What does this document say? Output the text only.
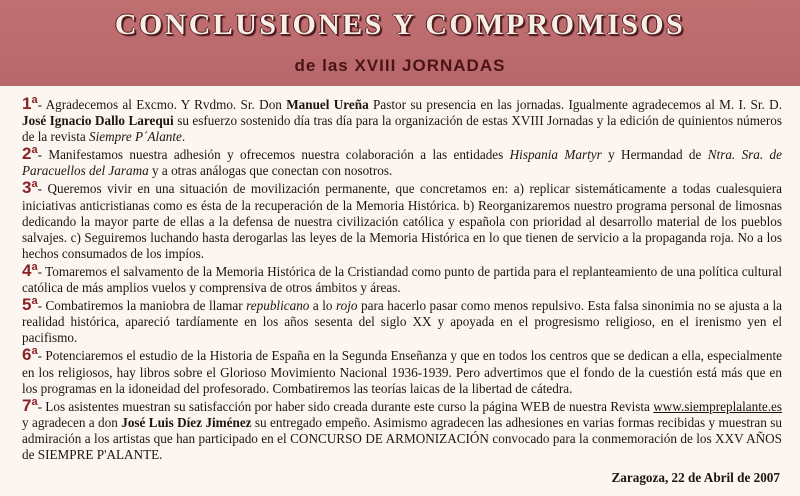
CONCLUSIONES Y COMPROMISOS
de las XVIII JORNADAS

1$^a$- Agradecemos al Excmo. Y Rvdmo. Sr. Don Manuel Ureña Pastor su presencia en las jornadas. Igualmente agradecemos al M. I. Sr. D. José Ignacio Dallo Larequi su esfuerzo sostenido día tras día para la organización de estas XVIII Jornadas y la edición de quinientos números de la revista Siempre P´Alante.

2$^a$- Manifestamos nuestra adhesión y ofrecemos nuestra colaboración a las entidades Hispania Martyr y Hermandad de Ntra. Sra. de Paracuellos del Jarama y a otras análogas que conectan con nosotros.

3$^a$- Queremos vivir en una situación de movilización permanente, que concretamos en: a) replicar sistemáticamente a todas cualesquiera iniciativas anticristianas como es ésta de la recuperación de la Memoria Histórica. b) Reorganizaremos nuestro programa personal de limosnas dedicando la mayor parte de ellas a la defensa de nuestra civilización católica y española con prioridad al desarrollo material de los pueblos salvajes. c) Seguiremos luchando hasta derogarlas las leyes de la Memoria Histórica en lo que tienen de servicio a la propaganda roja. No a los hechos consumados de los impíos.

4$^a$- Tomaremos el salvamento de la Memoria Histórica de la Cristiandad como punto de partida para el replanteamiento de una política cultural católica de más amplios vuelos y comprensiva de otros ámbitos y áreas.

5$^a$- Combatiremos la maniobra de llamar republicano a lo rojo para hacerlo pasar como menos repulsivo. Esta falsa sinonimia no se ajusta a la realidad histórica, apareció tardíamente en los años sesenta del siglo XX y apoyada en el progresismo religioso, en el irenismo yen el pacifismo.

6$^a$- Potenciaremos el estudio de la Historia de España en la Segunda Enseñanza y que en todos los centros que se dedican a ella, especialmente en los religiosos, hay libros sobre el Glorioso Movimiento Nacional 1936-1939. Pero advertimos que el fondo de la cuestión está más que en los programas en la idoneidad del profesorado. Combatiremos las teorías laicas de la libertad de cátedra.

7$^a$- Los asistentes muestran su satisfacción por haber sido creada durante este curso la página WEB de nuestra Revista www.siempreplalante.es y agradecen a don José Luis Díez Jiménez su entregado empeño. Asimismo agradecen las adhesiones en varias formas recibidas y muestran su admiración a los artistas que han participado en el CONCURSO DE ARMONIZACIÓN convocado para la conmemoración de los XXV AÑOS de SIEMPRE P'ALANTE.

Zaragoza, 22 de Abril de 2007
